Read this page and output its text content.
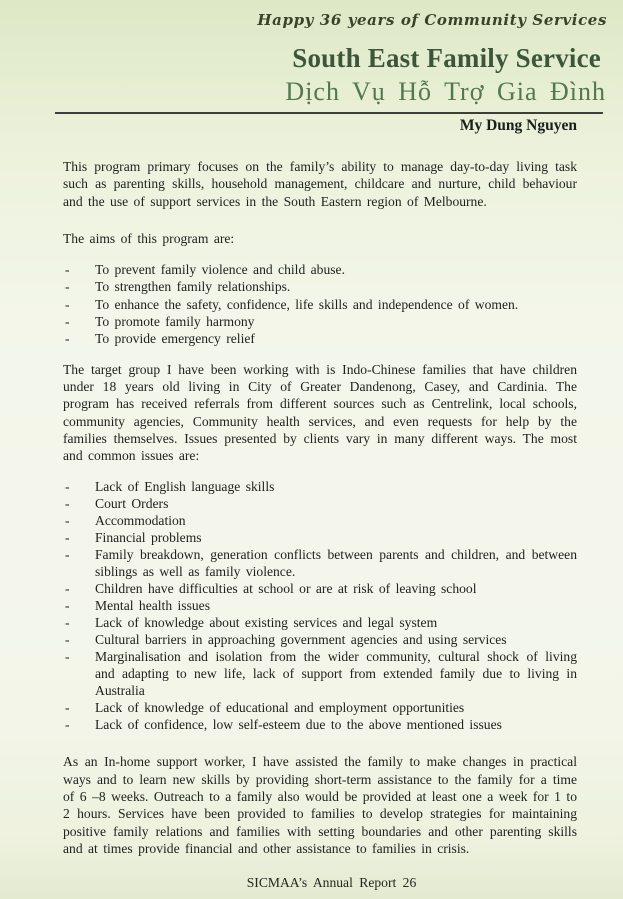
Happy 36 years of Community Services
South East Family Service
Dịch Vụ Hỗ Trợ Gia Đình
My Dung Nguyen

This program primary focuses on the family’s ability to manage day-to-day living task such as parenting skills, household management, childcare and nurture, child behaviour and the use of support services in the South Eastern region of Melbourne.

The aims of this program are:

- To prevent family violence and child abuse.
- To strengthen family relationships.
- To enhance the safety, confidence, life skills and independence of women.
- To promote family harmony
- To provide emergency relief

The target group I have been working with is Indo-Chinese families that have children under 18 years old living in City of Greater Dandenong, Casey, and Cardinia. The program has received referrals from different sources such as Centrelink, local schools, community agencies, Community health services, and even requests for help by the families themselves. Issues presented by clients vary in many different ways. The most and common issues are:

- Lack of English language skills
- Court Orders
- Accommodation
- Financial problems
- Family breakdown, generation conflicts between parents and children, and between siblings as well as family violence.
- Children have difficulties at school or are at risk of leaving school
- Mental health issues
- Lack of knowledge about existing services and legal system
- Cultural barriers in approaching government agencies and using services
- Marginalisation and isolation from the wider community, cultural shock of living and adapting to new life, lack of support from extended family due to living in Australia
- Lack of knowledge of educational and employment opportunities
- Lack of confidence, low self-esteem due to the above mentioned issues

As an In-home support worker, I have assisted the family to make changes in practical ways and to learn new skills by providing short-term assistance to the family for a time of 6 –8 weeks. Outreach to a family also would be provided at least one a week for 1 to 2 hours. Services have been provided to families to develop strategies for maintaining positive family relations and families with setting boundaries and other parenting skills and at times provide financial and other assistance to families in crisis.

SICMAA’s Annual Report 26
